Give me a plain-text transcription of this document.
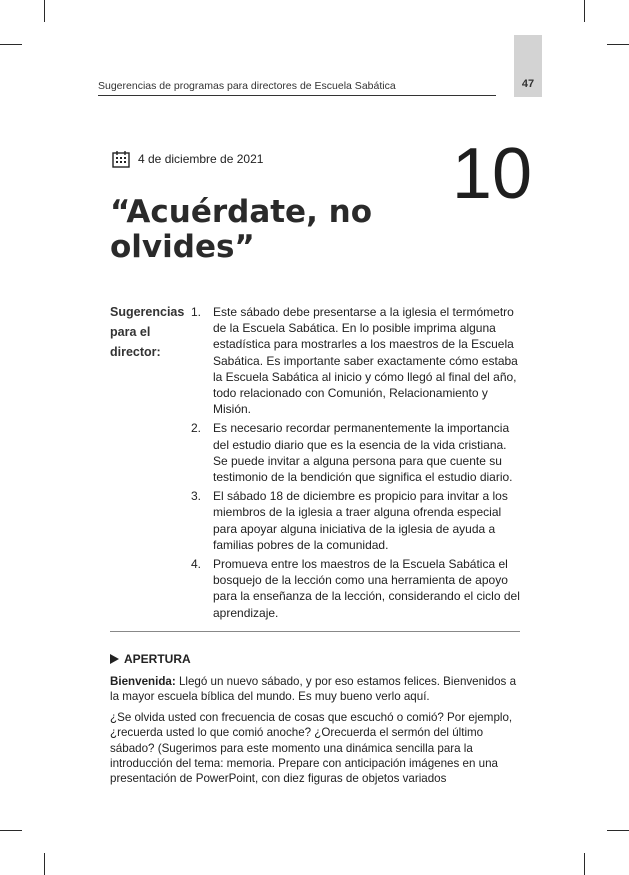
47
Sugerencias de programas para directores de Escuela Sabática
4 de diciembre de 2021	10
“Acuérdate, no olvides”
Sugerencias para el director:
1. Este sábado debe presentarse a la iglesia el termómetro de la Escuela Sabática. En lo posible imprima alguna estadística para mostrarles a los maestros de la Escuela Sabática. Es importante saber exactamente cómo estaba la Escuela Sabática al inicio y cómo llegó al final del año, todo relacionado con Comunión, Relacionamiento y Misión.
2. Es necesario recordar permanentemente la importancia del estudio diario que es la esencia de la vida cristiana. Se puede invitar a alguna persona para que cuente su testimonio de la bendición que significa el estudio diario.
3. El sábado 18 de diciembre es propicio para invitar a los miembros de la iglesia a traer alguna ofrenda especial para apoyar alguna iniciativa de la iglesia de ayuda a familias pobres de la comunidad.
4. Promueva entre los maestros de la Escuela Sabática el bosquejo de la lección como una herramienta de apoyo para la enseñanza de la lección, considerando el ciclo del aprendizaje.
APERTURA

Bienvenida: Llegó un nuevo sábado, y por eso estamos felices. Bienvenidos a la mayor escuela bíblica del mundo. Es muy bueno verlo aquí.

¿Se olvida usted con frecuencia de cosas que escuchó o comió? Por ejemplo, ¿recuerda usted lo que comió anoche? ¿Orecuerda el sermón del último sábado? (Sugerimos para este momento una dinámica sencilla para la introducción del tema: memoria. Prepare con anticipación imágenes en una presentación de PowerPoint, con diez figuras de objetos variados
